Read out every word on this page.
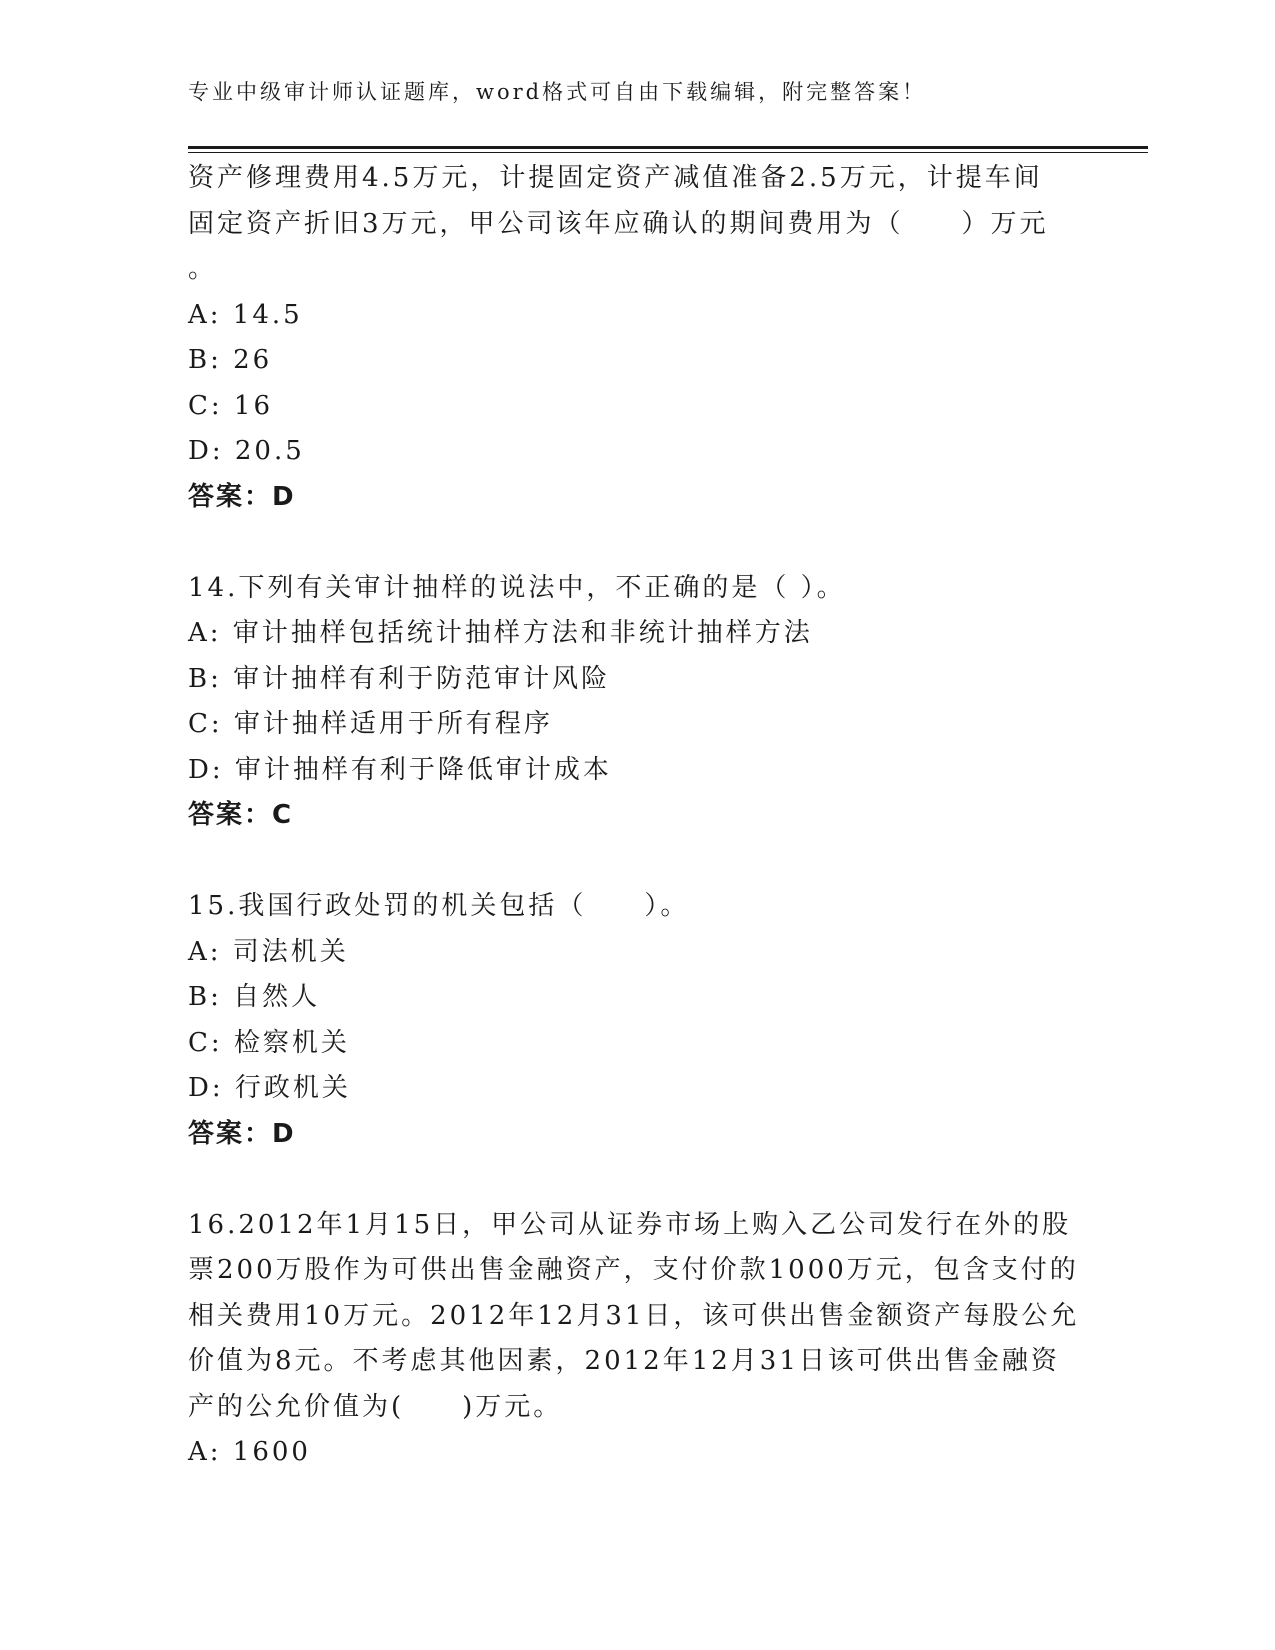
专业中级审计师认证题库，word格式可自由下载编辑，附完整答案！
资产修理费用4.5万元，计提固定资产减值准备2.5万元，计提车间
固定资产折旧3万元，甲公司该年应确认的期间费用为（　　）万元
。
A: 14.5
B: 26
C: 16
D: 20.5
答案：D
14.下列有关审计抽样的说法中，不正确的是（ ）。
A: 审计抽样包括统计抽样方法和非统计抽样方法
B: 审计抽样有利于防范审计风险
C: 审计抽样适用于所有程序
D: 审计抽样有利于降低审计成本
答案：C
15.我国行政处罚的机关包括（　　）。
A: 司法机关
B: 自然人
C: 检察机关
D: 行政机关
答案：D
16.2012年1月15日，甲公司从证券市场上购入乙公司发行在外的股
票200万股作为可供出售金融资产，支付价款1000万元，包含支付的
相关费用10万元。2012年12月31日，该可供出售金额资产每股公允
价值为8元。不考虑其他因素，2012年12月31日该可供出售金融资
产的公允价值为(　　)万元。
A: 1600
